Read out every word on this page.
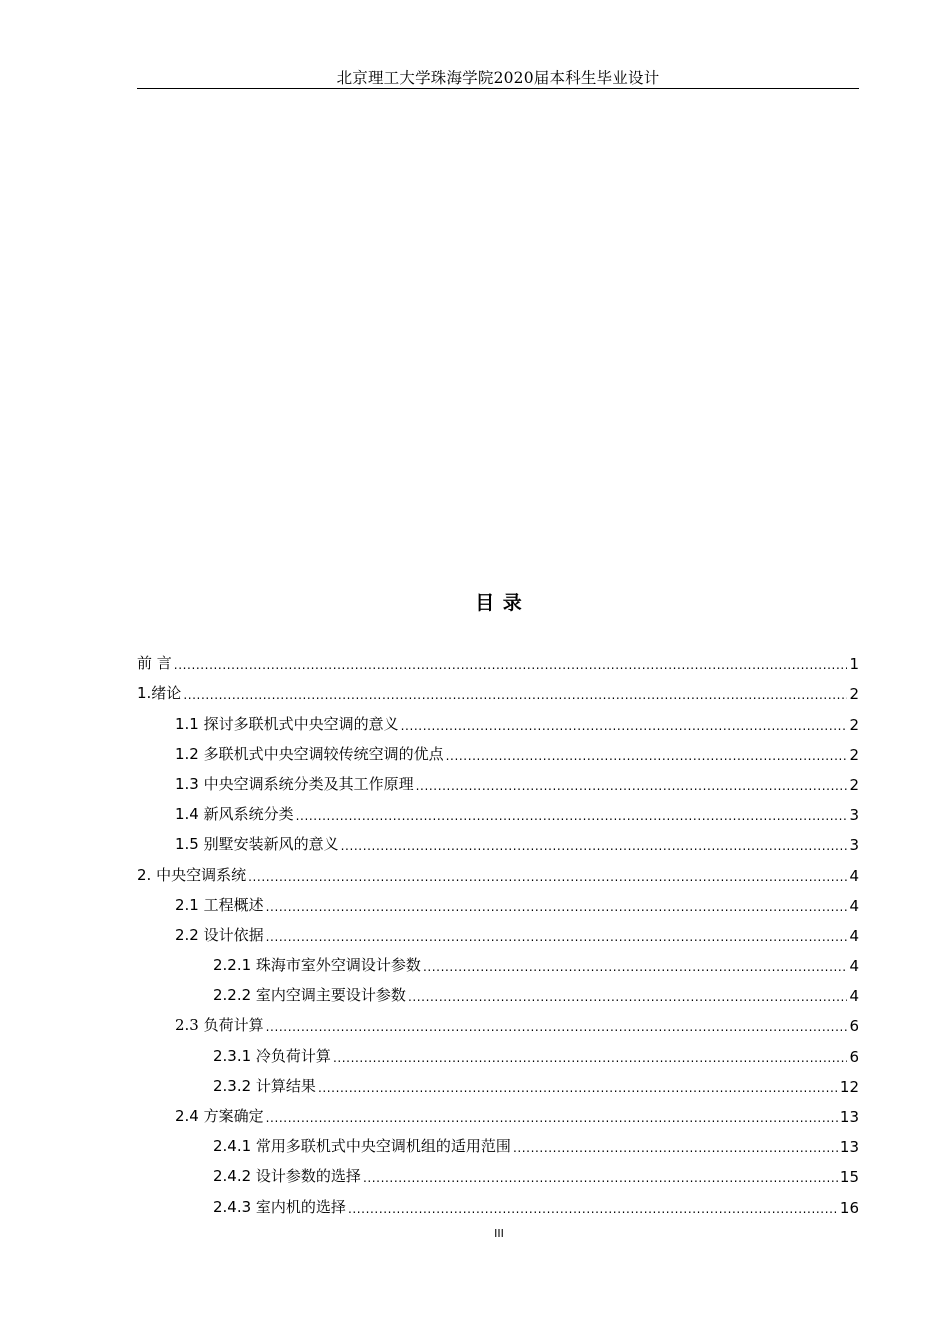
北京理工大学珠海学院2020届本科生毕业设计
目 录
前 言 .....	1
1.绪论 .....	2
1.1 探讨多联机式中央空调的意义 .....	2
1.2 多联机式中央空调较传统空调的优点 .....	2
1.3 中央空调系统分类及其工作原理 .....	2
1.4 新风系统分类 .....	3
1.5 别墅安装新风的意义 .....	3
2. 中央空调系统 .....	4
2.1 工程概述 .....	4
2.2 设计依据 .....	4
2.2.1 珠海市室外空调设计参数 .....	4
2.2.2 室内空调主要设计参数 .....	4
2.3 负荷计算 .....	6
2.3.1 冷负荷计算 .....	6
2.3.2 计算结果 .....	12
2.4 方案确定 .....	13
2.4.1 常用多联机式中央空调机组的适用范围 .....	13
2.4.2 设计参数的选择 .....	15
2.4.3 室内机的选择 .....	16
III
